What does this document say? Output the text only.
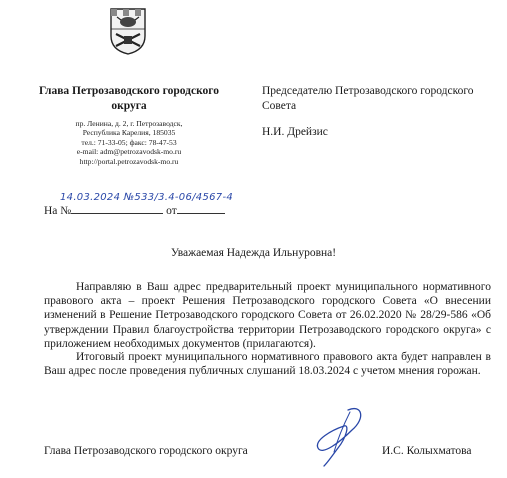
Глава Петрозаводского городского округа
пр. Ленина, д. 2, г. Петрозаводск,
Республика Карелия, 185035
тел.: 71-33-05; факс: 78-47-53
e-mail: adm@petrozavodsk-mo.ru
http://portal.petrozavodsk-mo.ru
Председателю Петрозаводского городского Совета
Н.И. Дрейзис
14.03.2024 №533/3.4-06/4567-4
На №	от
Уважаемая Надежда Ильнуровна!
Направляю в Ваш адрес предварительный проект муниципального нормативного правового акта – проект Решения Петрозаводского городского Совета «О внесении изменений в Решение Петрозаводского городского Совета от 26.02.2020 № 28/29-586 «Об утверждении Правил благоустройства территории Петрозаводского городского округа» с приложением необходимых документов (прилагаются).
Итоговый проект муниципального нормативного правового акта будет направлен в Ваш адрес после проведения публичных слушаний 18.03.2024 с учетом мнения горожан.
Глава Петрозаводского городского округа	И.С. Колыхматова
